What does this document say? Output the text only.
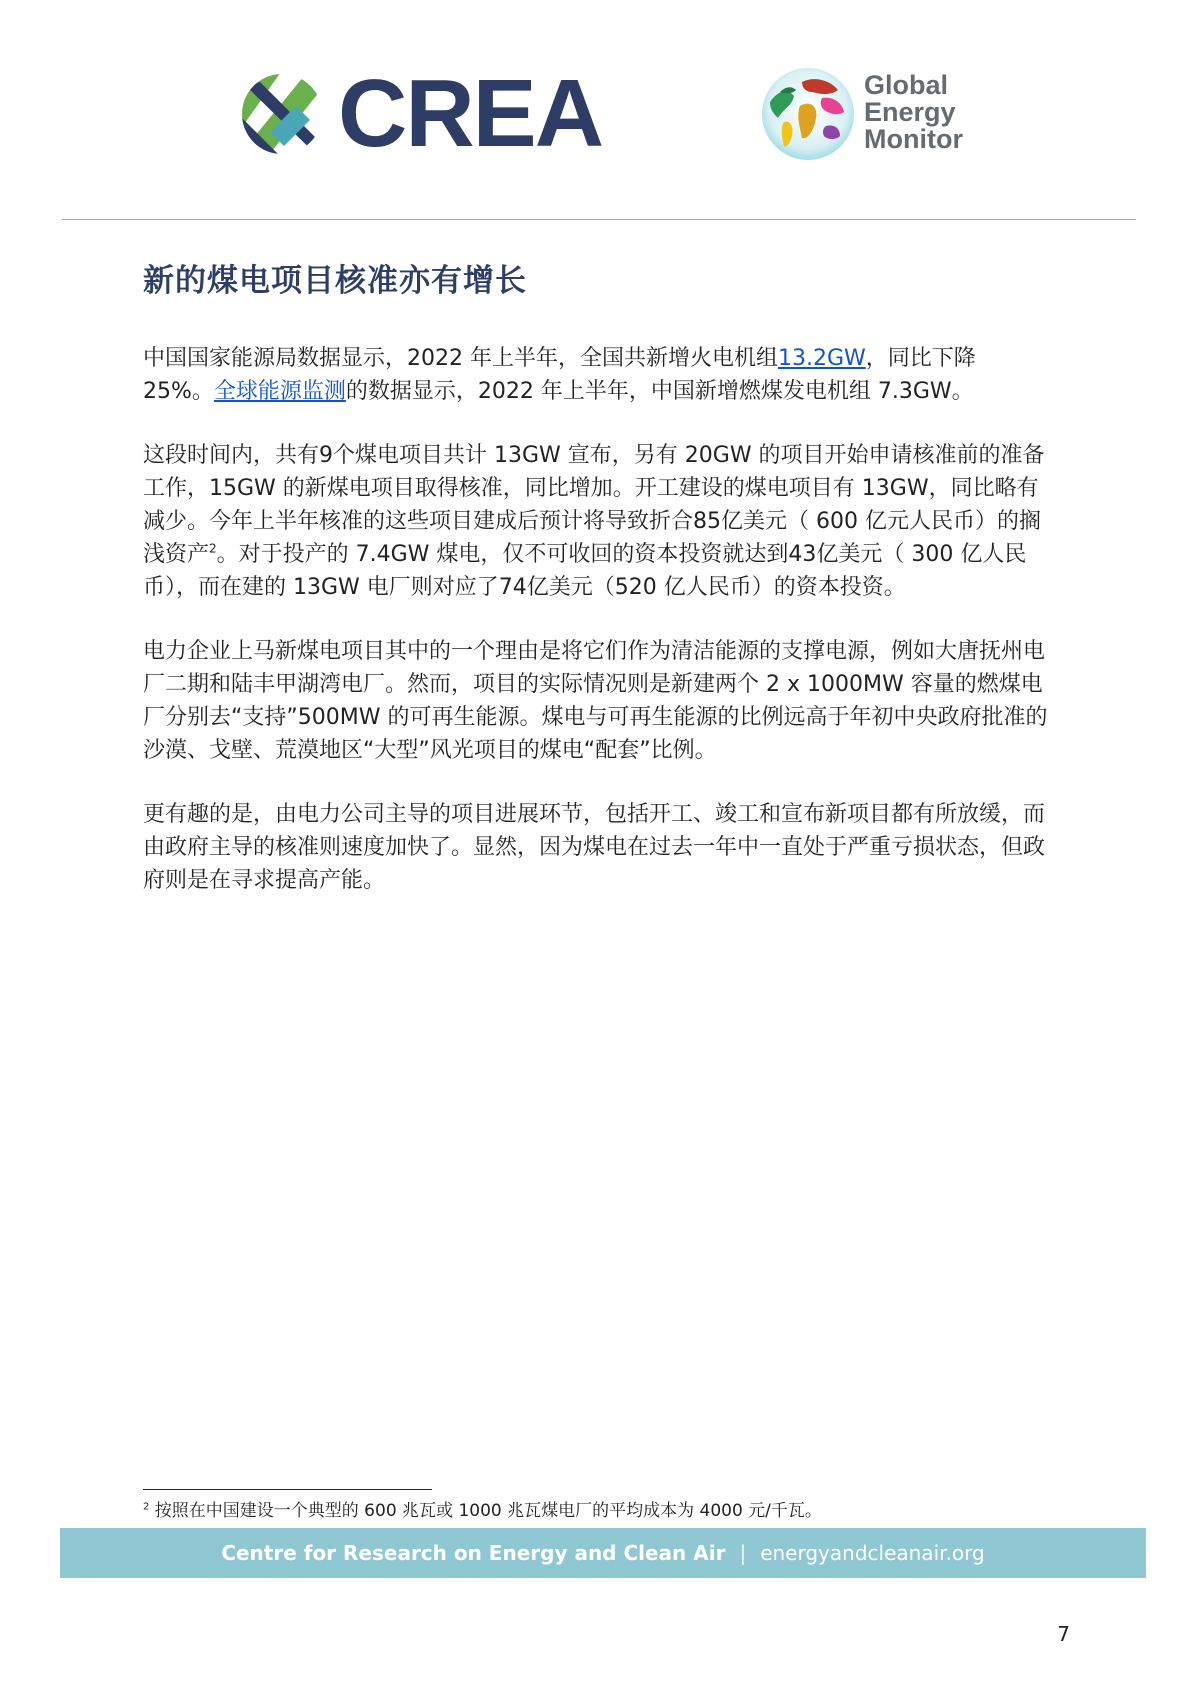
CREA	Global
Energy
Monitor
新的煤电项目核准亦有增长

中国国家能源局数据显示，2022 年上半年，全国共新增火电机组13.2GW，同比下降 25%。全球能源监测的数据显示，2022 年上半年，中国新增燃煤发电机组 7.3GW。

这段时间内，共有9个煤电项目共计 13GW 宣布，另有 20GW 的项目开始申请核准前的准备工作，15GW 的新煤电项目取得核准，同比增加。开工建设的煤电项目有 13GW，同比略有减少。今年上半年核准的这些项目建成后预计将导致折合85亿美元（ 600 亿元人民币）的搁浅资产$^2$。对于投产的 7.4GW 煤电，仅不可收回的资本投资就达到43亿美元（ 300 亿人民币），而在建的 13GW 电厂则对应了74亿美元（520 亿人民币）的资本投资。

电力企业上马新煤电项目其中的一个理由是将它们作为清洁能源的支撑电源，例如大唐抚州电厂二期和陆丰甲湖湾电厂。然而，项目的实际情况则是新建两个 2 x 1000MW 容量的燃煤电厂分别去“支持”500MW 的可再生能源。煤电与可再生能源的比例远高于年初中央政府批准的沙漠、戈壁、荒漠地区“大型”风光项目的煤电“配套”比例。

更有趣的是，由电力公司主导的项目进展环节，包括开工、竣工和宣布新项目都有所放缓，而由政府主导的核准则速度加快了。显然，因为煤电在过去一年中一直处于严重亏损状态，但政府则是在寻求提高产能。

$^2$ 按照在中国建设一个典型的 600 兆瓦或 1000 兆瓦煤电厂的平均成本为 4000 元/千瓦。
Centre for Research on Energy and Clean Air | energyandcleanair.org
7
